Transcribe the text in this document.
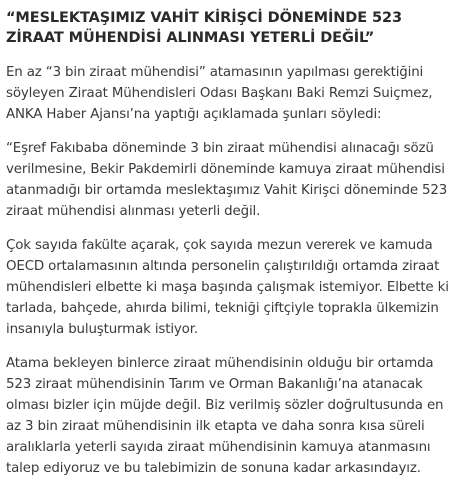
“MESLEKTAŞIMIZ VAHİT KİRİŞCİ DÖNEMİNDE 523 ZİRAAT MÜHENDİSİ ALINMASI YETERLİ DEĞİL”

En az “3 bin ziraat mühendisi” atamasının yapılması gerektiğini söyleyen Ziraat Mühendisleri Odası Başkanı Baki Remzi Suiçmez, ANKA Haber Ajansı’na yaptığı açıklamada şunları söyledi:

“Eşref Fakıbaba döneminde 3 bin ziraat mühendisi alınacağı sözü verilmesine, Bekir Pakdemirli döneminde kamuya ziraat mühendisi atanmadığı bir ortamda meslektaşımız Vahit Kirişci döneminde 523 ziraat mühendisi alınması yeterli değil.

Çok sayıda fakülte açarak, çok sayıda mezun vererek ve kamuda OECD ortalamasının altında personelin çalıştırıldığı ortamda ziraat mühendisleri elbette ki maşa başında çalışmak istemiyor. Elbette ki tarlada, bahçede, ahırda bilimi, tekniği çiftçiyle toprakla ülkemizin insanıyla buluşturmak istiyor.

Atama bekleyen binlerce ziraat mühendisinin olduğu bir ortamda 523 ziraat mühendisinin Tarım ve Orman Bakanlığı’na atanacak olması bizler için müjde değil. Biz verilmiş sözler doğrultusunda en az 3 bin ziraat mühendisinin ilk etapta ve daha sonra kısa süreli aralıklarla yeterli sayıda ziraat mühendisinin kamuya atanmasını talep ediyoruz ve bu talebimizin de sonuna kadar arkasındayız.
